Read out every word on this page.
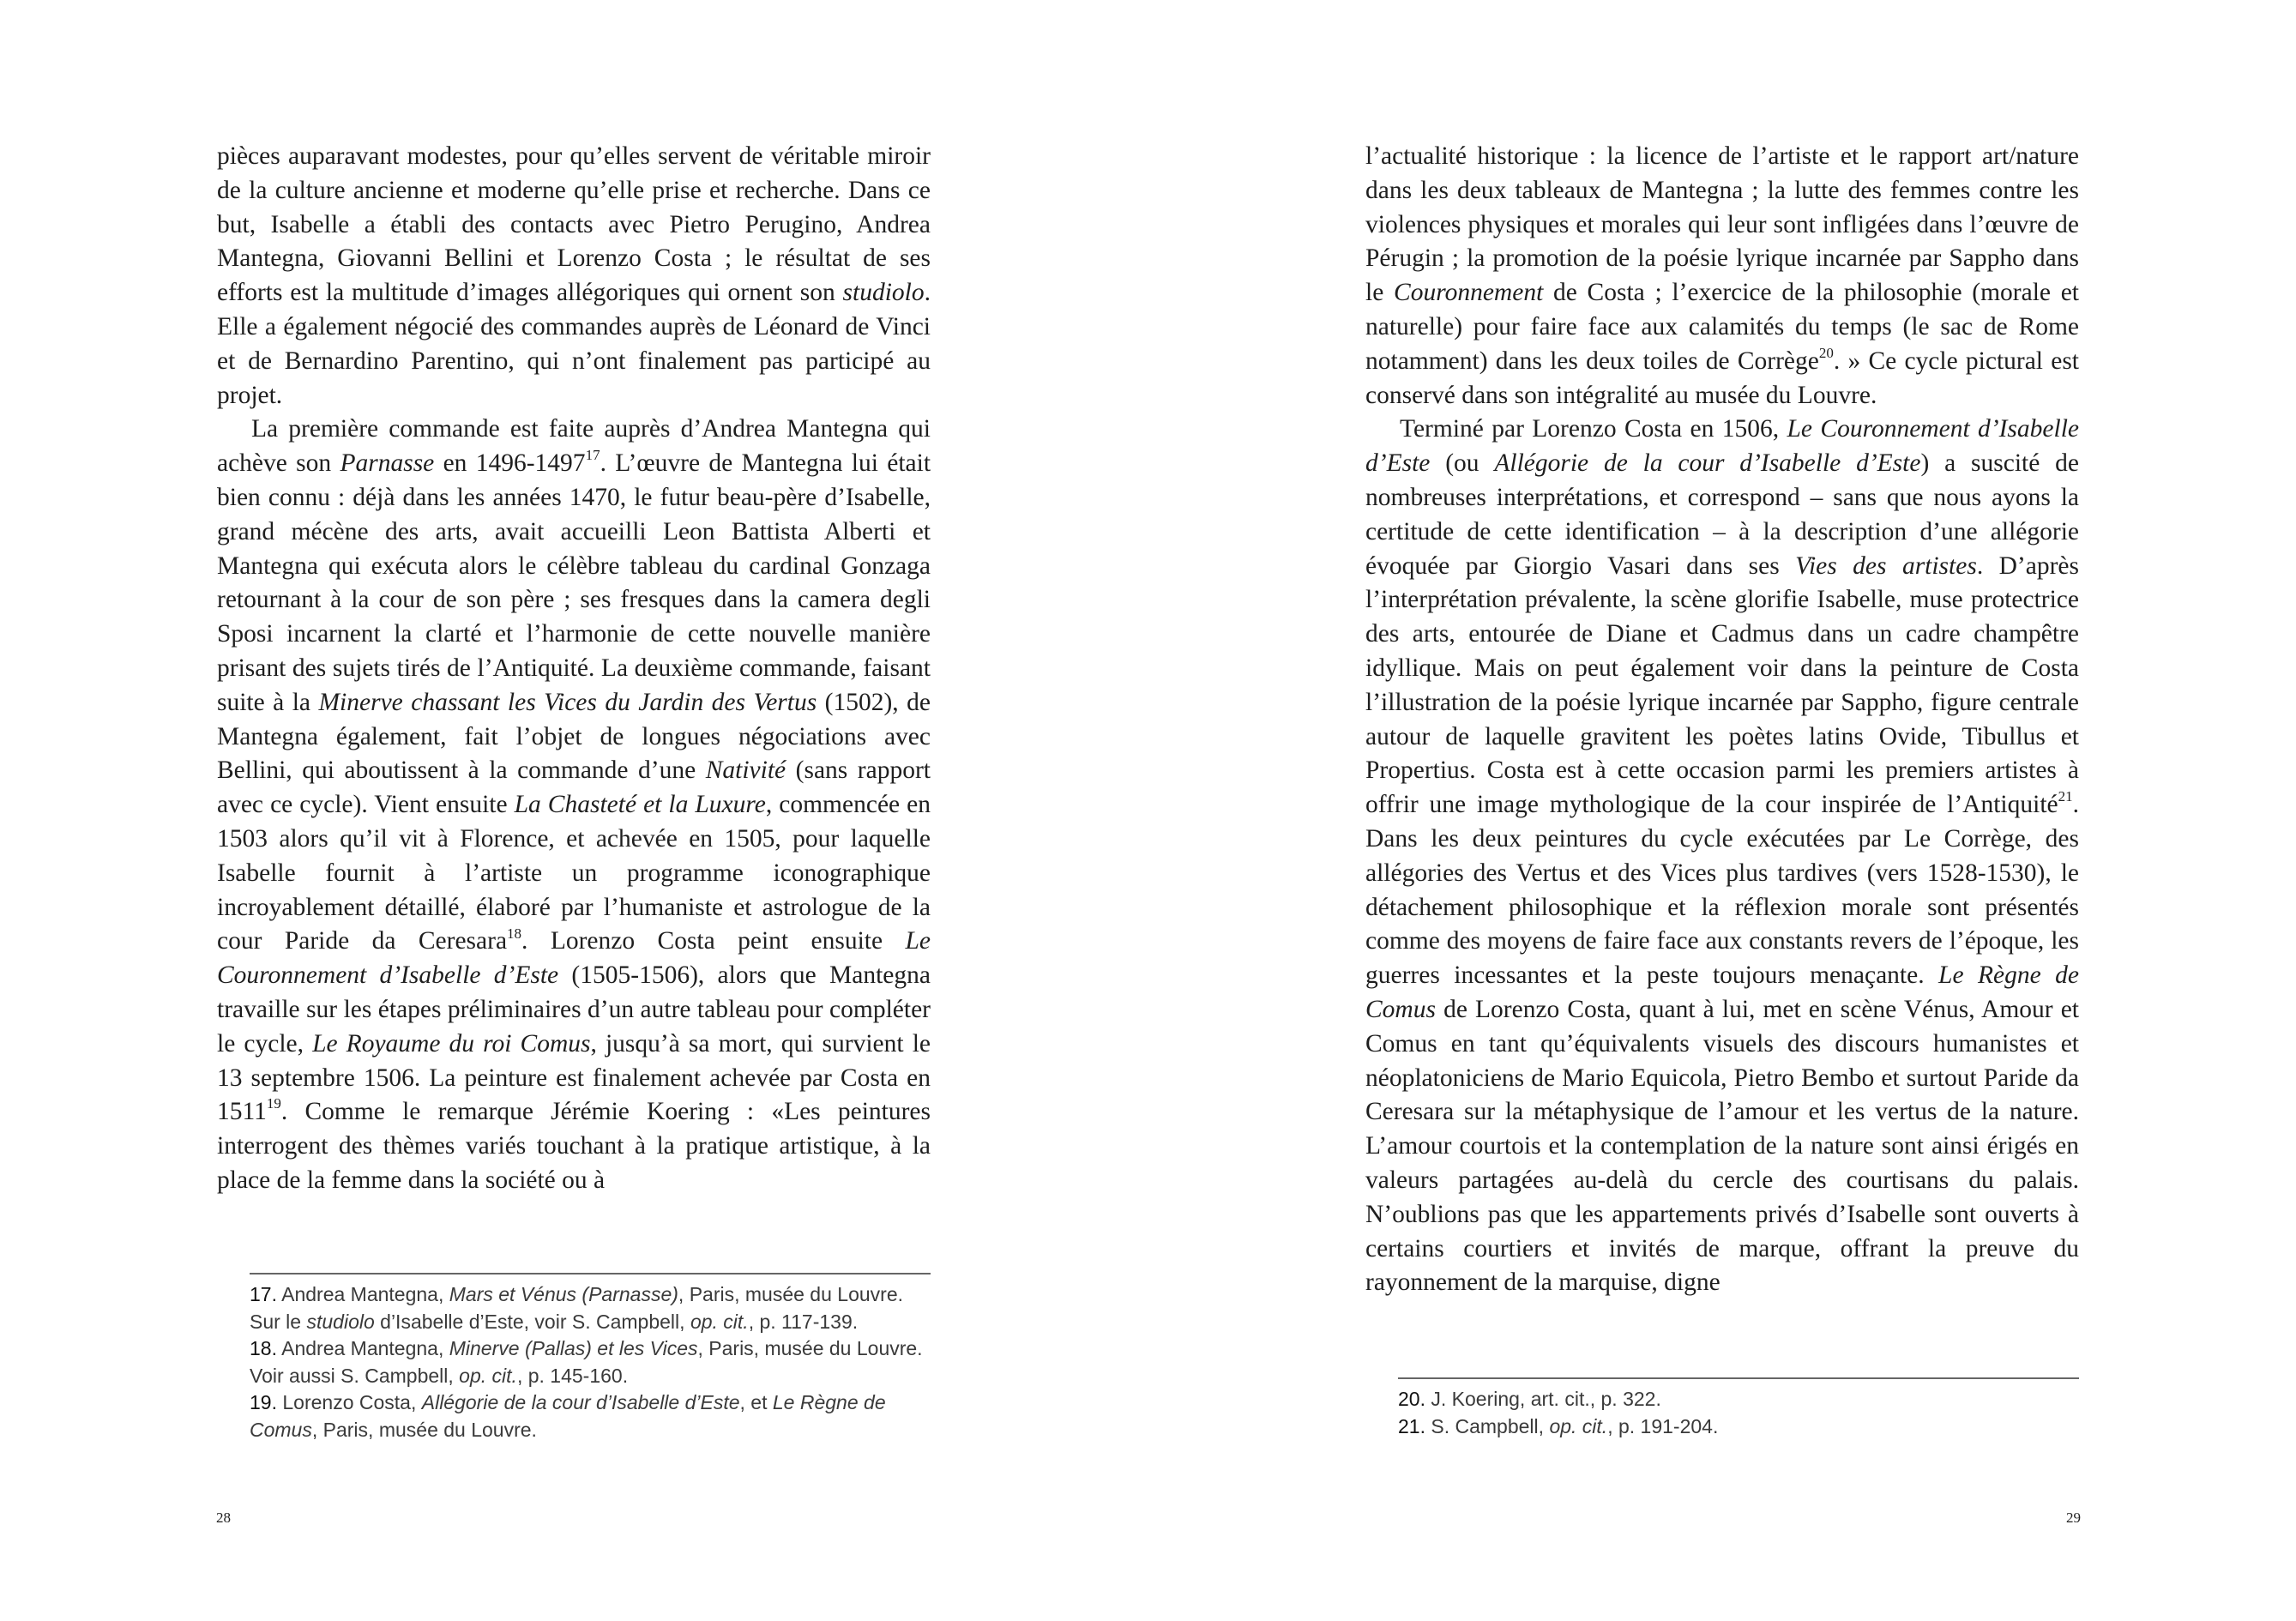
pièces auparavant modestes, pour qu’elles servent de véritable miroir de la culture ancienne et moderne qu’elle prise et recherche. Dans ce but, Isabelle a établi des contacts avec Pietro Perugino, Andrea Mantegna, Giovanni Bellini et Lorenzo Costa ; le résultat de ses efforts est la multitude d’images allégoriques qui ornent son studiolo. Elle a également négocié des commandes auprès de Léonard de Vinci et de Bernardino Parentino, qui n’ont finalement pas participé au projet.

La première commande est faite auprès d’Andrea Mantegna qui achève son Parnasse en 1496-1497$^{17}$. L’œuvre de Mantegna lui était bien connu : déjà dans les années 1470, le futur beau-père d’Isabelle, grand mécène des arts, avait accueilli Leon Battista Alberti et Mantegna qui exécuta alors le célèbre tableau du cardinal Gonzaga retournant à la cour de son père ; ses fresques dans la camera degli Sposi incarnent la clarté et l’harmonie de cette nouvelle manière prisant des sujets tirés de l’Antiquité. La deuxième commande, faisant suite à la Minerve chassant les Vices du Jardin des Vertus (1502), de Mantegna également, fait l’objet de longues négociations avec Bellini, qui aboutissent à la commande d’une Nativité (sans rapport avec ce cycle). Vient ensuite La Chasteté et la Luxure, commencée en 1503 alors qu’il vit à Florence, et achevée en 1505, pour laquelle Isabelle fournit à l’artiste un programme iconographique incroyablement détaillé, élaboré par l’humaniste et astrologue de la cour Paride da Ceresara$^{18}$. Lorenzo Costa peint ensuite Le Couronnement d’Isabelle d’Este (1505-1506), alors que Mantegna travaille sur les étapes préliminaires d’un autre tableau pour compléter le cycle, Le Royaume du roi Comus, jusqu’à sa mort, qui survient le 13 septembre 1506. La peinture est finalement achevée par Costa en 1511$^{19}$. Comme le remarque Jérémie Koering : «Les peintures interrogent des thèmes variés touchant à la pratique artistique, à la place de la femme dans la société ou à

17. Andrea Mantegna, Mars et Vénus (Parnasse), Paris, musée du Louvre. Sur le studiolo d’Isabelle d’Este, voir S. Campbell, op. cit., p. 117-139.
18. Andrea Mantegna, Minerve (Pallas) et les Vices, Paris, musée du Louvre. Voir aussi S. Campbell, op. cit., p. 145-160.
19. Lorenzo Costa, Allégorie de la cour d’Isabelle d’Este, et Le Règne de Comus, Paris, musée du Louvre.
28

l’actualité historique : la licence de l’artiste et le rapport art/nature dans les deux tableaux de Mantegna ; la lutte des femmes contre les violences physiques et morales qui leur sont infligées dans l’œuvre de Pérugin ; la promotion de la poésie lyrique incarnée par Sappho dans le Couronnement de Costa ; l’exercice de la philosophie (morale et naturelle) pour faire face aux calamités du temps (le sac de Rome notamment) dans les deux toiles de Corrège$^{20}$. » Ce cycle pictural est conservé dans son intégralité au musée du Louvre.

Terminé par Lorenzo Costa en 1506, Le Couronnement d’Isabelle d’Este (ou Allégorie de la cour d’Isabelle d’Este) a suscité de nombreuses interprétations, et correspond – sans que nous ayons la certitude de cette identification – à la description d’une allégorie évoquée par Giorgio Vasari dans ses Vies des artistes. D’après l’interprétation prévalente, la scène glorifie Isabelle, muse protectrice des arts, entourée de Diane et Cadmus dans un cadre champêtre idyllique. Mais on peut également voir dans la peinture de Costa l’illustration de la poésie lyrique incarnée par Sappho, figure centrale autour de laquelle gravitent les poètes latins Ovide, Tibullus et Propertius. Costa est à cette occasion parmi les premiers artistes à offrir une image mythologique de la cour inspirée de l’Antiquité$^{21}$. Dans les deux peintures du cycle exécutées par Le Corrège, des allégories des Vertus et des Vices plus tardives (vers 1528-1530), le détachement philosophique et la réflexion morale sont présentés comme des moyens de faire face aux constants revers de l’époque, les guerres incessantes et la peste toujours menaçante. Le Règne de Comus de Lorenzo Costa, quant à lui, met en scène Vénus, Amour et Comus en tant qu’équivalents visuels des discours humanistes et néoplatoniciens de Mario Equicola, Pietro Bembo et surtout Paride da Ceresara sur la métaphysique de l’amour et les vertus de la nature. L’amour courtois et la contemplation de la nature sont ainsi érigés en valeurs partagées au-delà du cercle des courtisans du palais. N’oublions pas que les appartements privés d’Isabelle sont ouverts à certains courtiers et invités de marque, offrant la preuve du rayonnement de la marquise, digne

20. J. Koering, art. cit., p. 322.
21. S. Campbell, op. cit., p. 191-204.
29
